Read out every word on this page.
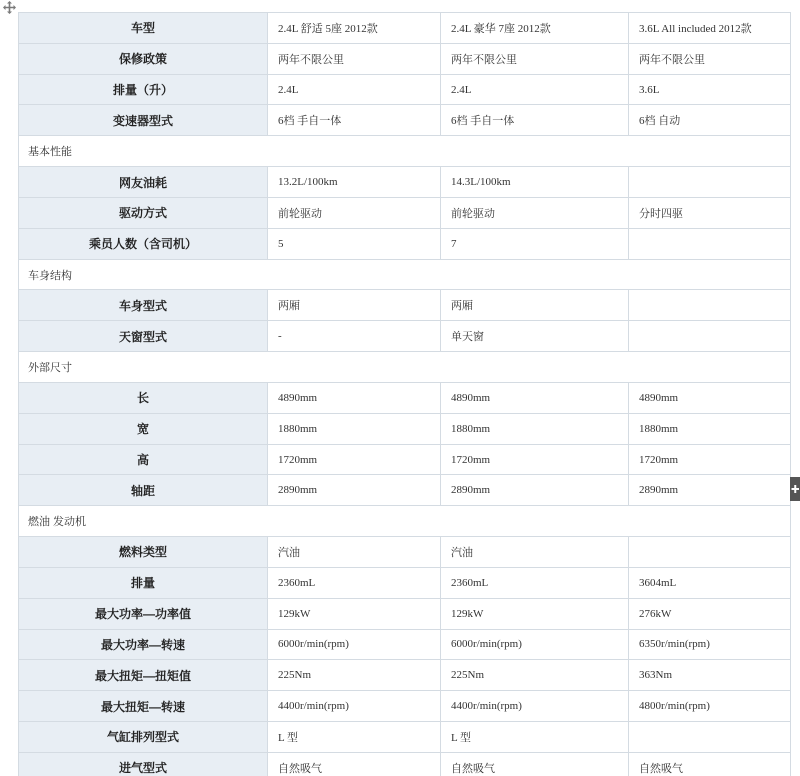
车型	2.4L 舒适 5座 2012款	2.4L 豪华 7座 2012款	3.6L All included 2012款
保修政策	两年不限公里	两年不限公里	两年不限公里
排量（升）	2.4L	2.4L	3.6L
变速器型式	6档 手自一体	6档 手自一体	6档 自动
基本性能
网友油耗	13.2L/100km	14.3L/100km
驱动方式	前轮驱动	前轮驱动	分时四驱
乘员人数（含司机）	5	7
车身结构
车身型式	两厢	两厢
天窗型式	-	单天窗
外部尺寸
长	4890mm	4890mm	4890mm
宽	1880mm	1880mm	1880mm
高	1720mm	1720mm	1720mm
轴距	2890mm	2890mm	2890mm
燃油 发动机
燃料类型	汽油	汽油
排量	2360mL	2360mL	3604mL
最大功率—功率值	129kW	129kW	276kW
最大功率—转速	6000r/min(rpm)	6000r/min(rpm)	6350r/min(rpm)
最大扭矩—扭矩值	225Nm	225Nm	363Nm
最大扭矩—转速	4400r/min(rpm)	4400r/min(rpm)	4800r/min(rpm)
气缸排列型式	L 型	L 型
进气型式	自然吸气	自然吸气	自然吸气
